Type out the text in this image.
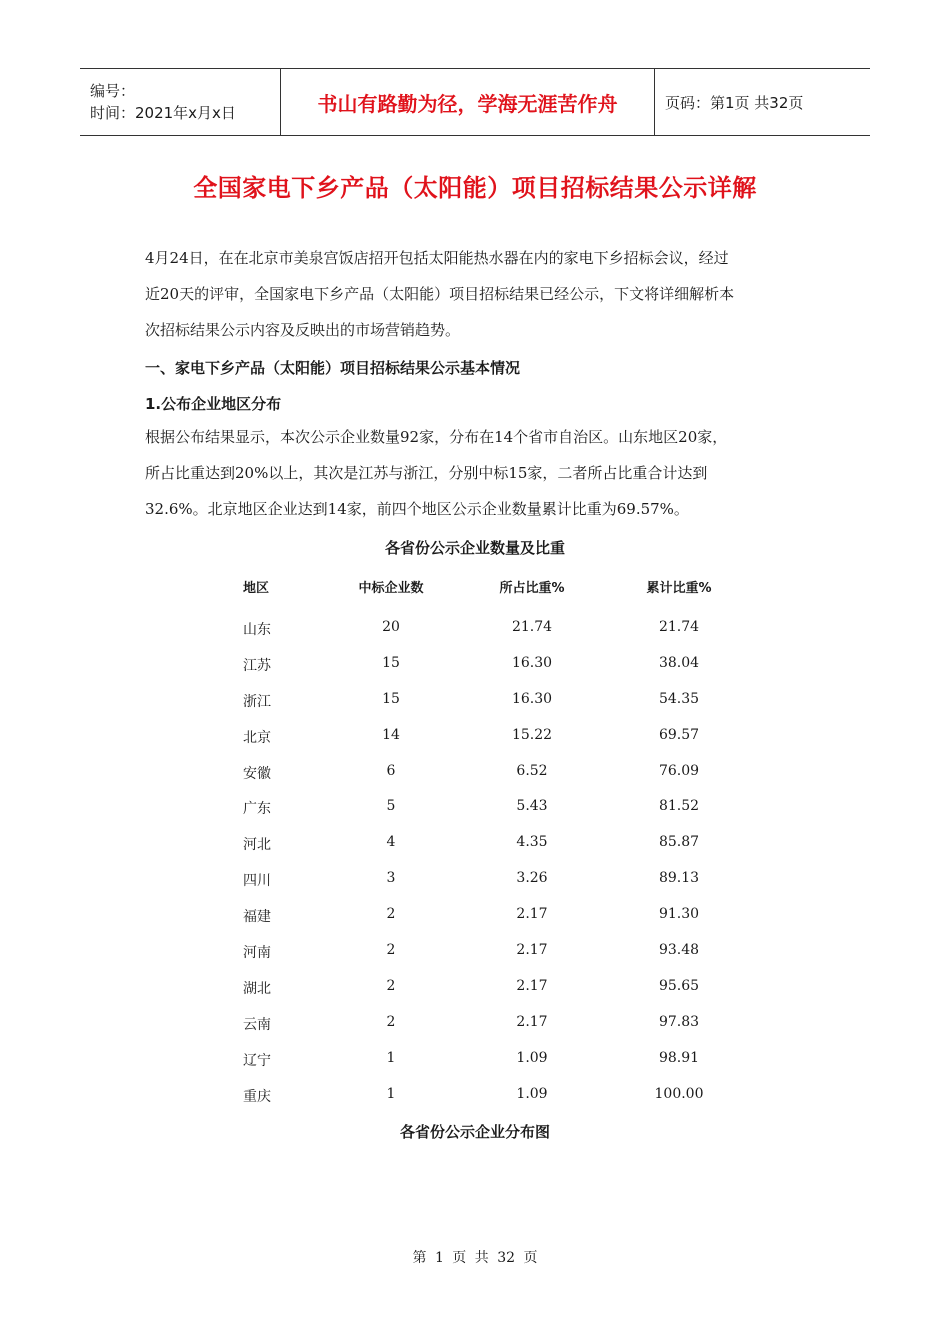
编号：
时间：2021年x月x日	书山有路勤为径，学海无涯苦作舟	页码：第1页 共32页
全国家电下乡产品（太阳能）项目招标结果公示详解

4月24日，在在北京市美泉宫饭店招开包括太阳能热水器在内的家电下乡招标会议，经过

近20天的评审，全国家电下乡产品（太阳能）项目招标结果已经公示，下文将详细解析本

次招标结果公示内容及反映出的市场营销趋势。

一、家电下乡产品（太阳能）项目招标结果公示基本情况
1.公布企业地区分布

根据公布结果显示，本次公示企业数量92家，分布在14个省市自治区。山东地区20家，

所占比重达到20%以上，其次是江苏与浙江，分别中标15家，二者所占比重合计达到

32.6%。北京地区企业达到14家，前四个地区公示企业数量累计比重为69.57%。

各省份公示企业数量及比重
地区	中标企业数	所占比重%	累计比重%
山东	20	21.74	21.74
江苏	15	16.30	38.04
浙江	15	16.30	54.35
北京	14	15.22	69.57
安徽	6	6.52	76.09
广东	5	5.43	81.52
河北	4	4.35	85.87
四川	3	3.26	89.13
福建	2	2.17	91.30
河南	2	2.17	93.48
湖北	2	2.17	95.65
云南	2	2.17	97.83
辽宁	1	1.09	98.91
重庆	1	1.09	100.00
各省份公示企业分布图
第 1 页 共 32 页
